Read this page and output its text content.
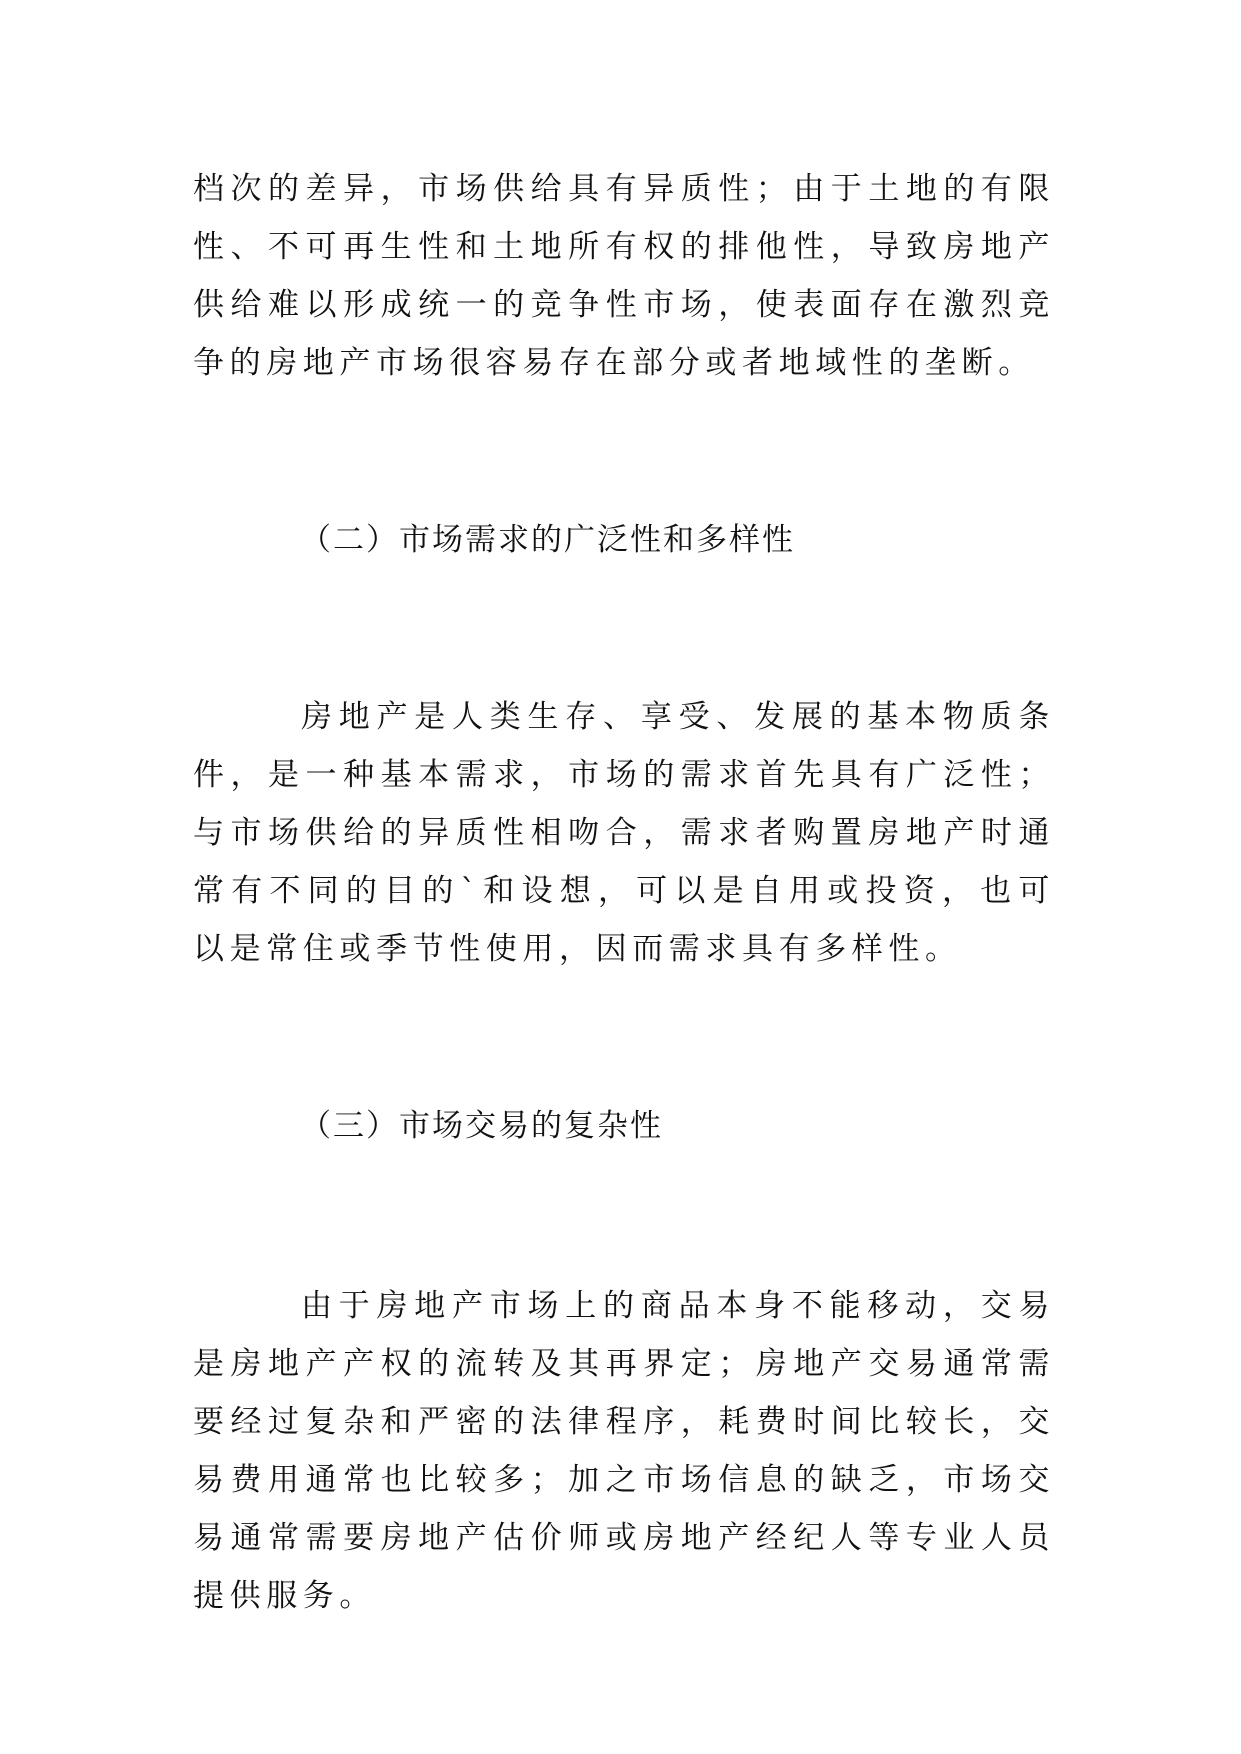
档次的差异，市场供给具有异质性；由于土地的有限性、不可再生性和土地所有权的排他性，导致房地产供给难以形成统一的竞争性市场，使表面存在激烈竞争的房地产市场很容易存在部分或者地域性的垄断。

（二）市场需求的广泛性和多样性

房地产是人类生存、享受、发展的基本物质条件，是一种基本需求，市场的需求首先具有广泛性；与市场供给的异质性相吻合，需求者购置房地产时通常有不同的目的`和设想，可以是自用或投资，也可以是常住或季节性使用，因而需求具有多样性。

（三）市场交易的复杂性

由于房地产市场上的商品本身不能移动，交易是房地产产权的流转及其再界定；房地产交易通常需要经过复杂和严密的法律程序，耗费时间比较长，交易费用通常也比较多；加之市场信息的缺乏，市场交易通常需要房地产估价师或房地产经纪人等专业人员提供服务。
